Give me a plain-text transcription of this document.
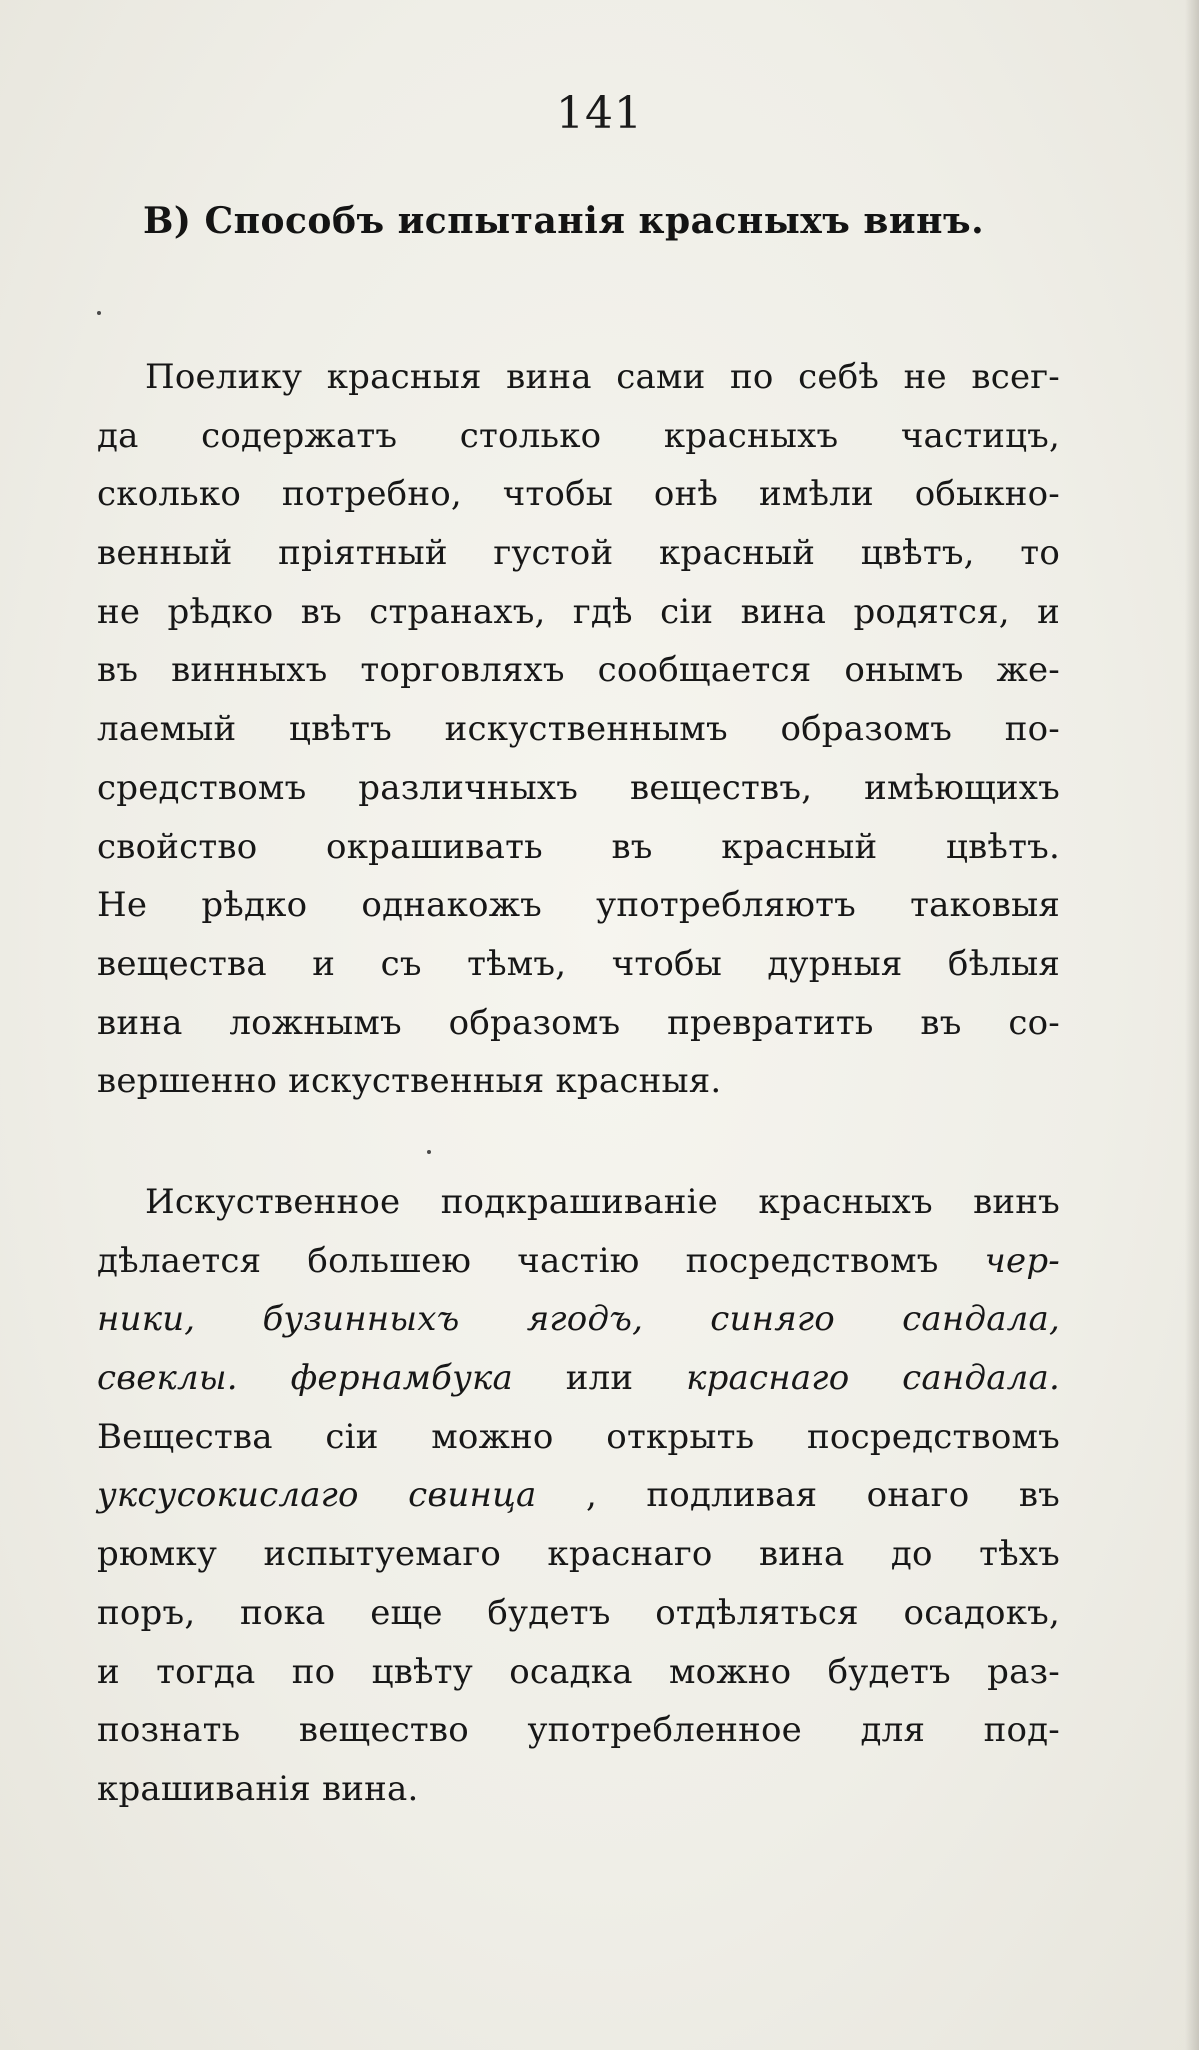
141
В) Способъ испытанія красныхъ винъ.
Поелику красныя вина сами по себѣ не всег-
да содержатъ столько красныхъ частицъ,
сколько потребно, чтобы онѣ имѣли обыкно-
венный пріятный густой красный цвѣтъ, то
не рѣдко въ странахъ, гдѣ сіи вина родятся, и
въ винныхъ торговляхъ сообщается онымъ же-
лаемый цвѣтъ искуственнымъ образомъ по-
средствомъ различныхъ веществъ, имѣющихъ
свойство окрашивать въ красный цвѣтъ.
Не рѣдко однакожъ употребляютъ таковыя
вещества и съ тѣмъ, чтобы дурныя бѣлыя
вина ложнымъ образомъ превратить въ со-
вершенно искуственныя красныя.
Искуственное подкрашиваніе красныхъ винъ
дѣлается большею частію посредствомъ чер-
ники, бузинныхъ ягодъ, синяго сандала,
свеклы. фернамбука или краснаго сандала.
Вещества сіи можно открыть посредствомъ
уксусокислаго свинца , подливая онаго въ
рюмку испытуемаго краснаго вина до тѣхъ
поръ, пока еще будетъ отдѣляться осадокъ,
и тогда по цвѣту осадка можно будетъ раз-
познать вещество употребленное для под-
крашиванія вина.
